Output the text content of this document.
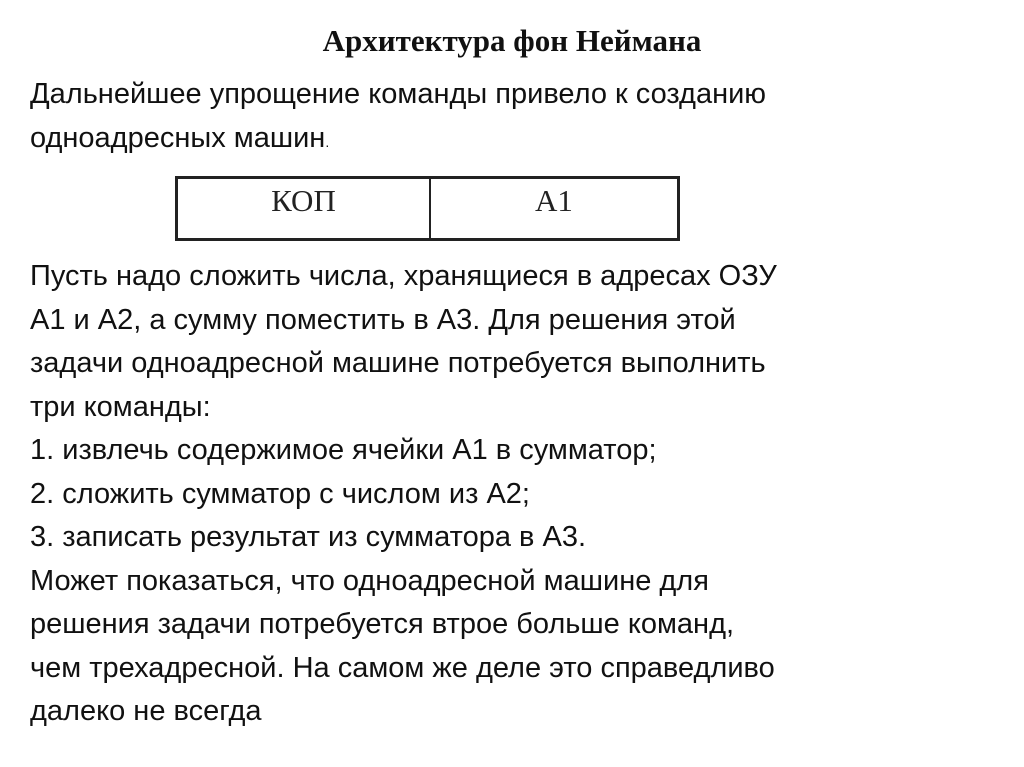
Архитектура фон Неймана
Дальнейшее упрощение команды привело к созданию
одноадресных машин.
КОП	А1
Пусть надо сложить числа, хранящиеся в адресах ОЗУ
А1 и А2, а сумму поместить в А3. Для решения этой
задачи одноадресной машине потребуется выполнить
три команды:
1. извлечь содержимое ячейки А1 в сумматор;
2. сложить сумматор с числом из А2;
3. записать результат из сумматора в А3.
Может показаться, что одноадресной машине для
решения задачи потребуется втрое больше команд,
чем трехадресной. На самом же деле это справедливо
далеко не всегда
